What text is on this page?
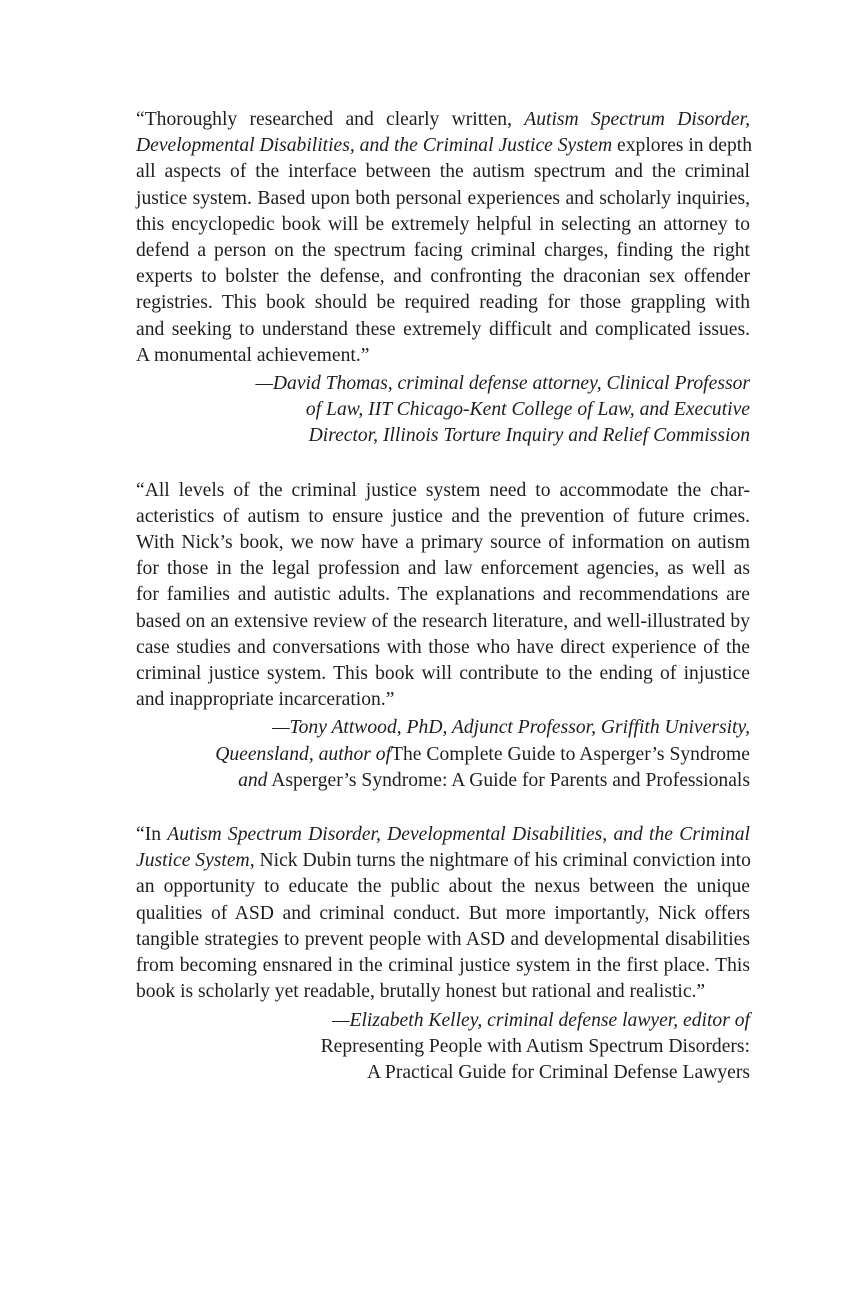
“Thoroughly researched and clearly written, Autism Spectrum Disorder,
Developmental Disabilities, and the Criminal Justice System explores in depth
all aspects of the interface between the autism spectrum and the criminal
justice system. Based upon both personal experiences and scholarly inquiries,
this encyclopedic book will be extremely helpful in selecting an attorney to
defend a person on the spectrum facing criminal charges, finding the right
experts to bolster the defense, and confronting the draconian sex offender
registries. This book should be required reading for those grappling with
and seeking to understand these extremely difficult and complicated issues.
A monumental achievement.”

—David Thomas, criminal defense attorney, Clinical Professor
of Law, IIT Chicago-Kent College of Law, and Executive
Director, Illinois Torture Inquiry and Relief Commission

“All levels of the criminal justice system need to accommodate the char-
acteristics of autism to ensure justice and the prevention of future crimes.
With Nick’s book, we now have a primary source of information on autism
for those in the legal profession and law enforcement agencies, as well as
for families and autistic adults. The explanations and recommendations are
based on an extensive review of the research literature, and well-illustrated by
case studies and conversations with those who have direct experience of the
criminal justice system. This book will contribute to the ending of injustice
and inappropriate incarceration.”

—Tony Attwood, PhD, Adjunct Professor, Griffith University,
Queensland, author ofThe Complete Guide to Asperger’s Syndrome
and Asperger’s Syndrome: A Guide for Parents and Professionals

“In Autism Spectrum Disorder, Developmental Disabilities, and the Criminal
Justice System, Nick Dubin turns the nightmare of his criminal conviction into
an opportunity to educate the public about the nexus between the unique
qualities of ASD and criminal conduct. But more importantly, Nick offers
tangible strategies to prevent people with ASD and developmental disabilities
from becoming ensnared in the criminal justice system in the first place. This
book is scholarly yet readable, brutally honest but rational and realistic.”

—Elizabeth Kelley, criminal defense lawyer, editor of
Representing People with Autism Spectrum Disorders:
A Practical Guide for Criminal Defense Lawyers
